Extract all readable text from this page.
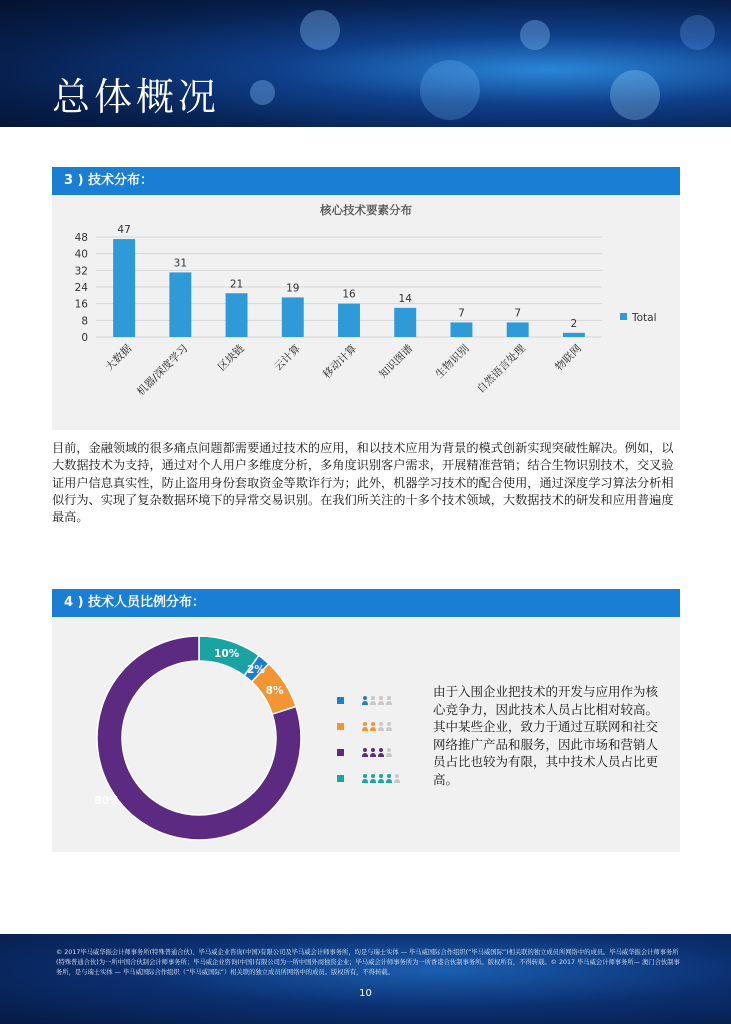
总体概况
3 ) 技术分布：
核心技术要素分布
0
8
16
24
32
40
48
47
31
21	19
16	14
7	7
2
大数据 机器/深度学习 区块链 云计算 移动计算 知识图谱 生物识别 自然语言处理 物联网
Total
目前，金融领域的很多痛点问题都需要通过技术的应用，和以技术应用为背景的模式创新实现突破性解决。例如，以大数据技术为支持，通过对个人用户多维度分析，多角度识别客户需求，开展精准营销；结合生物识别技术，交叉验证用户信息真实性，防止盗用身份套取资金等欺诈行为；此外，机器学习技术的配合使用，通过深度学习算法分析相似行为、实现了复杂数据环境下的异常交易识别。在我们所关注的十多个技术领域，大数据技术的研发和应用普遍度最高。
4 ) 技术人员比例分布：
10%
2%
8%
80%
由于入围企业把技术的开发与应用作为核心竞争力，因此技术人员占比相对较高。其中某些企业，致力于通过互联网和社交网络推广产品和服务，因此市场和营销人员占比也较为有限，其中技术人员占比更高。
© 2017毕马威华振会计师事务所(特殊普通合伙)、毕马威企业咨询(中国)有限公司及毕马威会计师事务所，均是与瑞士实体 — 毕马威国际合作组织(“毕马威国际”)相关联的独立成员所网络中的成员。毕马威华振会计师事务所(特殊普通合伙)为一所中国合伙制会计师事务所；毕马威企业咨询(中国)有限公司为一所中国外商独资企业；毕马威会计师事务所为一所香港合伙制事务所。版权所有，不得转载。© 2017 毕马威会计师事务所— 澳门合伙制事务所，是与瑞士实体 — 毕马威国际合作组织（“毕马威国际”）相关联的独立成员所网络中的成员。版权所有，不得转载。
10
